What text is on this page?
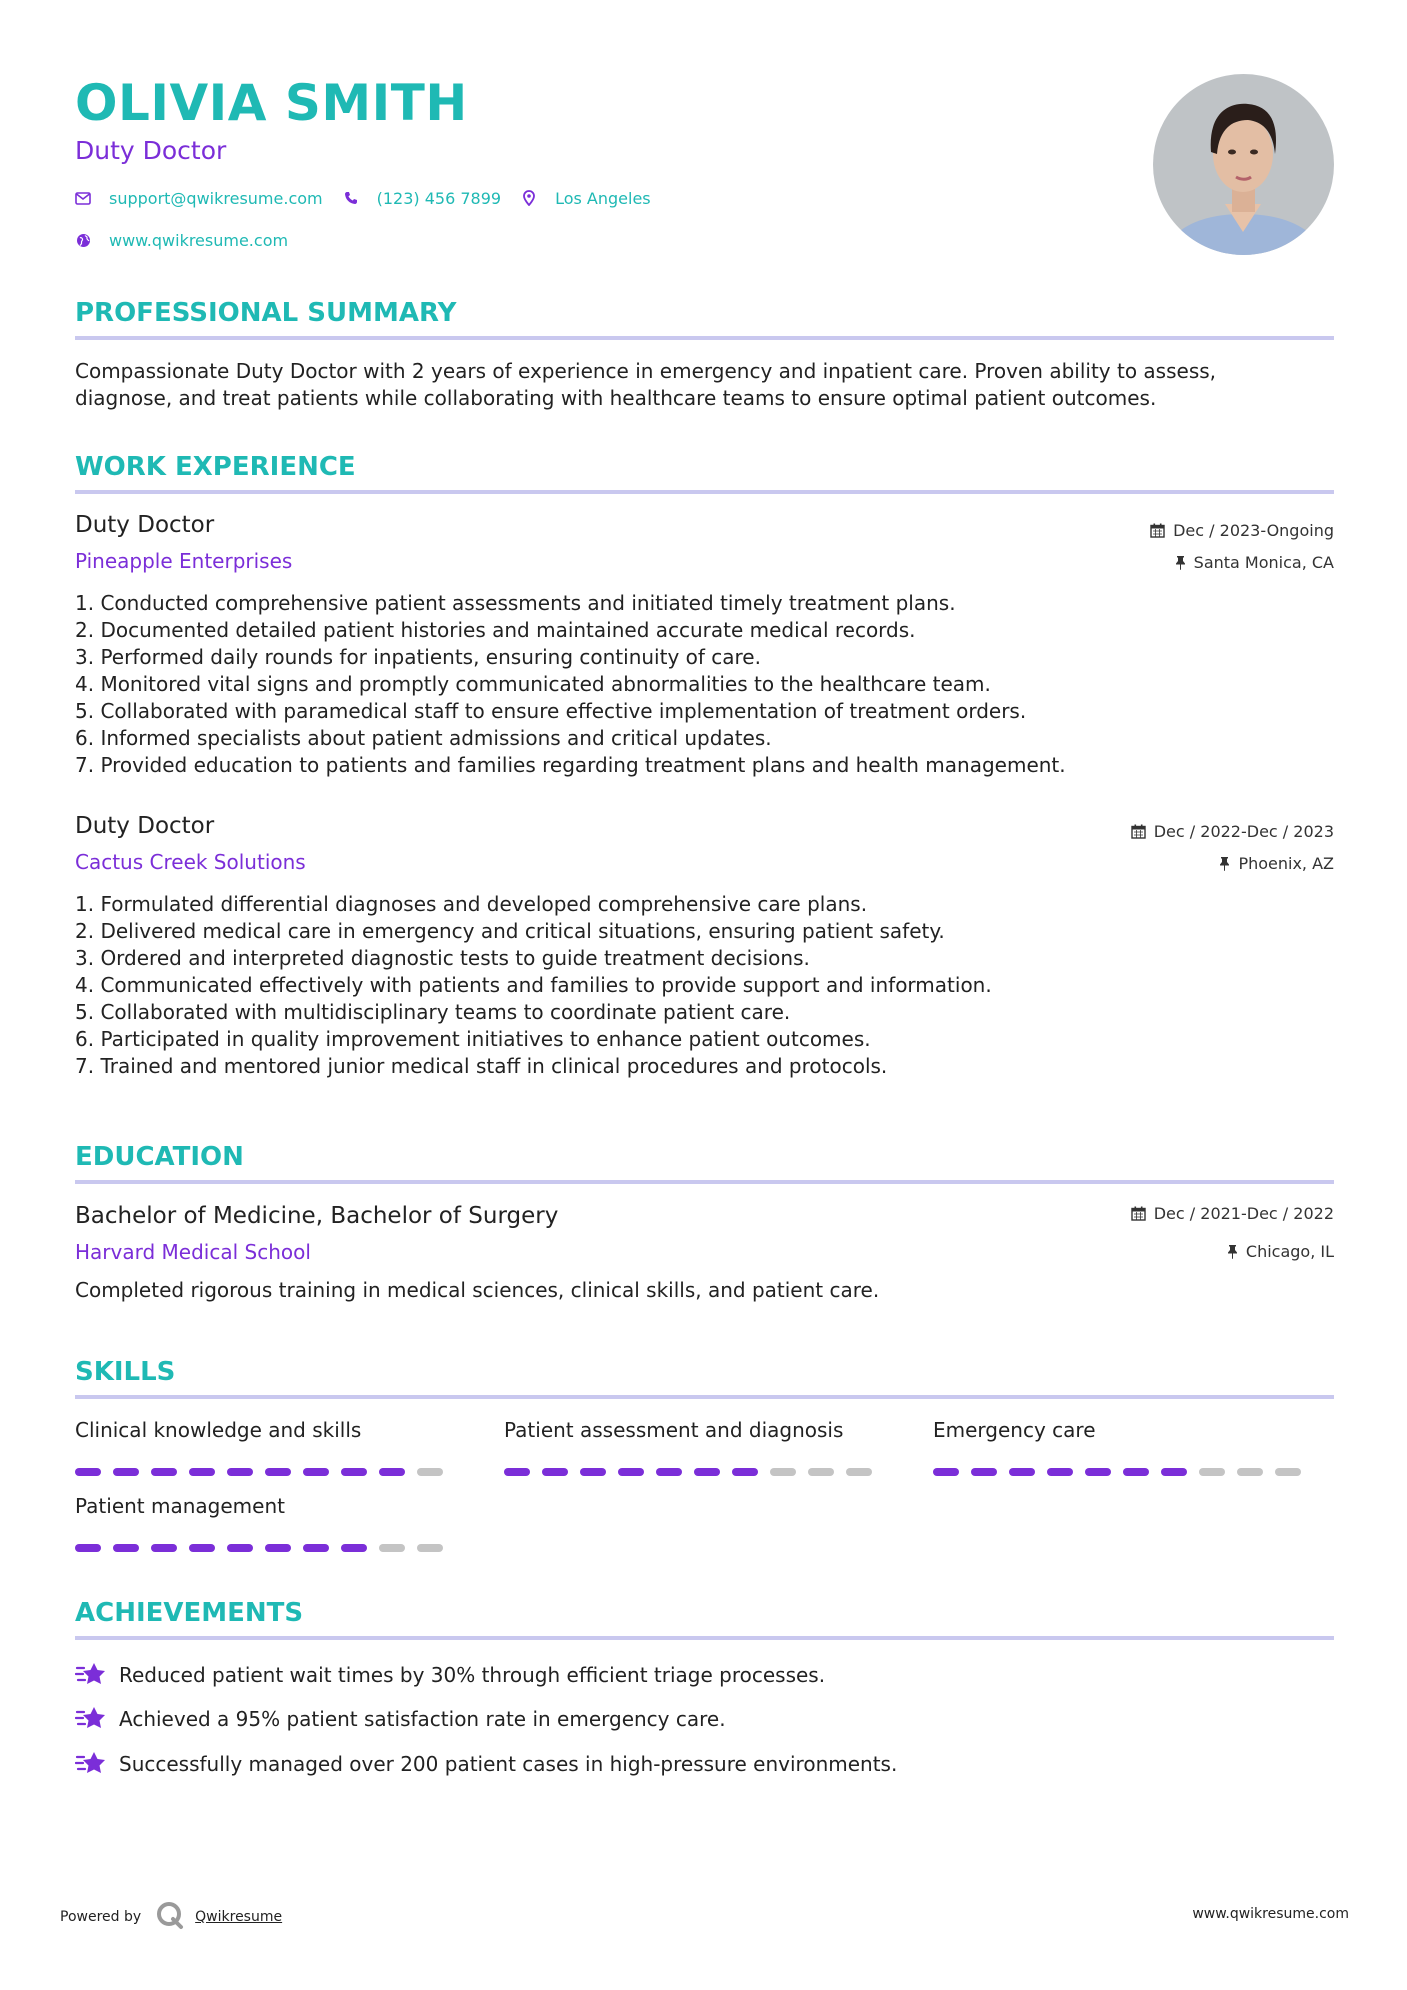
OLIVIA SMITH
Duty Doctor
support@qwikresume.com	(123) 456 7899	Los Angeles
www.qwikresume.com
PROFESSIONAL SUMMARY
Compassionate Duty Doctor with 2 years of experience in emergency and inpatient care. Proven ability to assess,
diagnose, and treat patients while collaborating with healthcare teams to ensure optimal patient outcomes.
WORK EXPERIENCE
Duty Doctor	Dec / 2023-Ongoing
Pineapple Enterprises	Santa Monica, CA
1. Conducted comprehensive patient assessments and initiated timely treatment plans.
2. Documented detailed patient histories and maintained accurate medical records.
3. Performed daily rounds for inpatients, ensuring continuity of care.
4. Monitored vital signs and promptly communicated abnormalities to the healthcare team.
5. Collaborated with paramedical staff to ensure effective implementation of treatment orders.
6. Informed specialists about patient admissions and critical updates.
7. Provided education to patients and families regarding treatment plans and health management.
Duty Doctor	Dec / 2022-Dec / 2023
Cactus Creek Solutions	Phoenix, AZ
1. Formulated differential diagnoses and developed comprehensive care plans.
2. Delivered medical care in emergency and critical situations, ensuring patient safety.
3. Ordered and interpreted diagnostic tests to guide treatment decisions.
4. Communicated effectively with patients and families to provide support and information.
5. Collaborated with multidisciplinary teams to coordinate patient care.
6. Participated in quality improvement initiatives to enhance patient outcomes.
7. Trained and mentored junior medical staff in clinical procedures and protocols.
EDUCATION
Bachelor of Medicine, Bachelor of Surgery	Dec / 2021-Dec / 2022
Harvard Medical School	Chicago, IL
Completed rigorous training in medical sciences, clinical skills, and patient care.
SKILLS
Clinical knowledge and skills	Patient assessment and diagnosis	Emergency care
Patient management
ACHIEVEMENTS
Reduced patient wait times by 30% through efficient triage processes.
Achieved a 95% patient satisfaction rate in emergency care.
Successfully managed over 200 patient cases in high-pressure environments.
Powered by	Qwikresume	www.qwikresume.com
